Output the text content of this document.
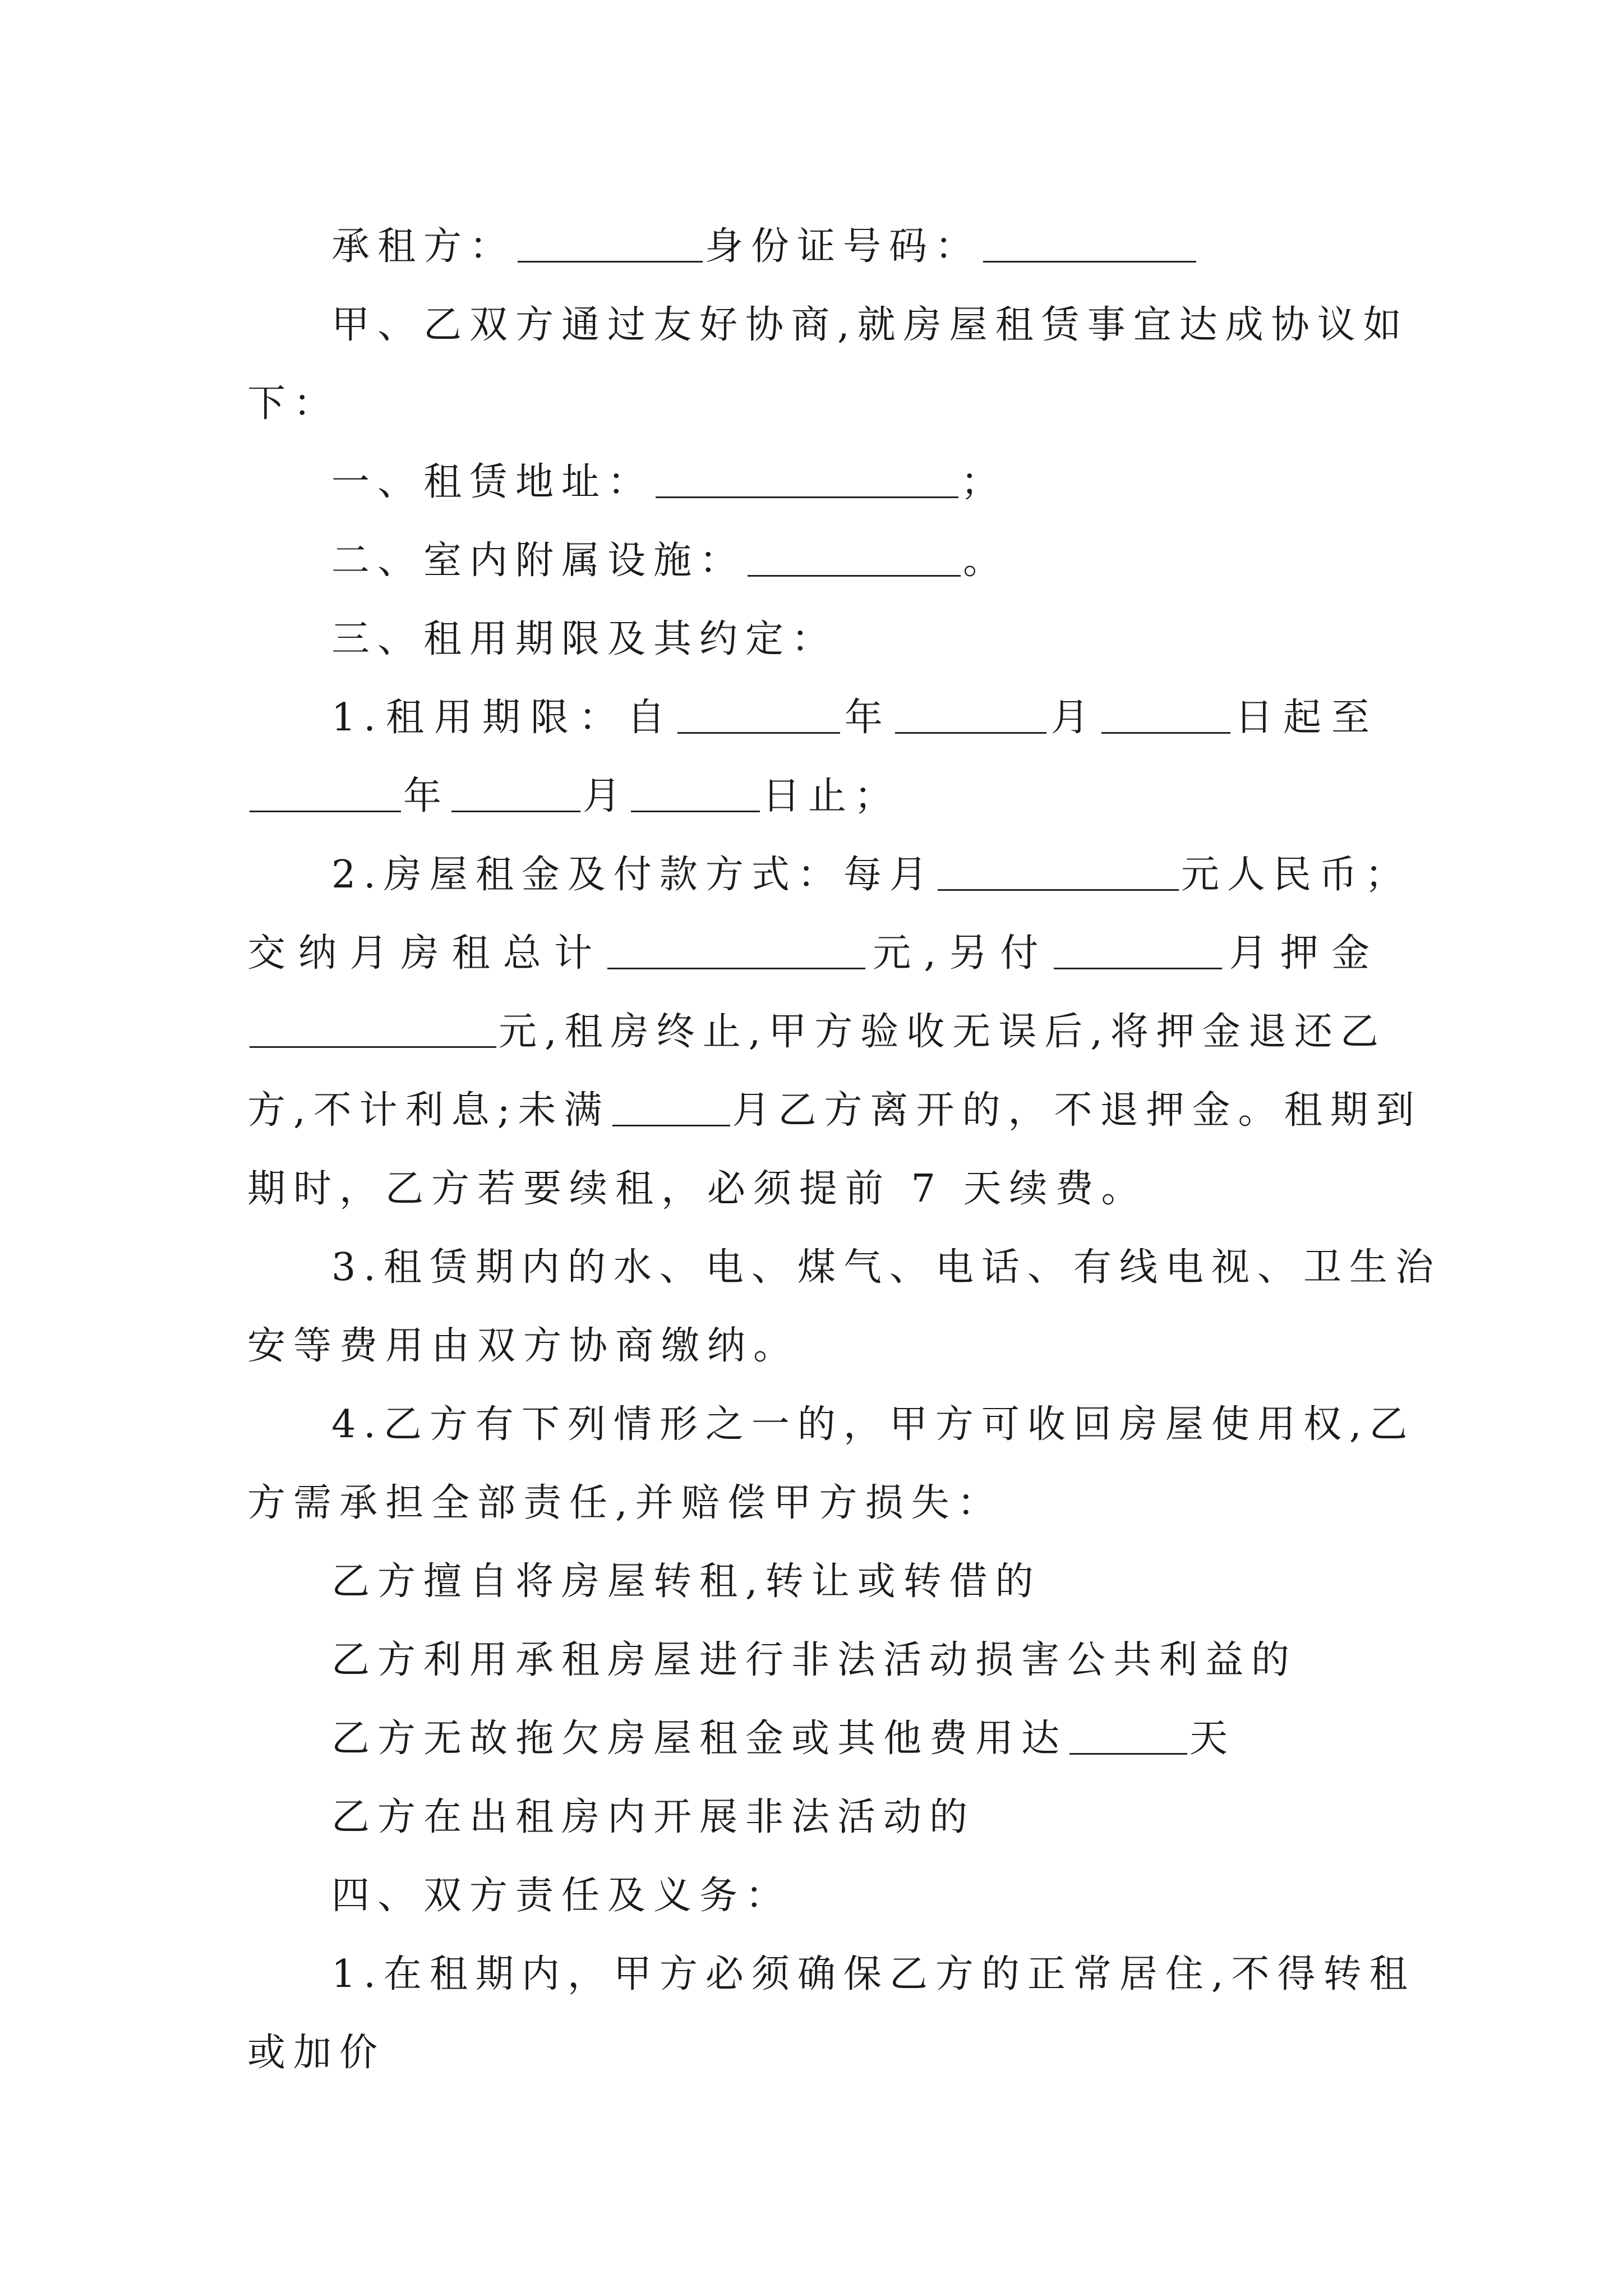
承租方：	身份证号码：

甲、乙双方通过友好协商,就房屋租赁事宜达成协议如

下：

一、租赁地址：	；

二、室内附属设施：	。

三、租用期限及其约定：

1.租用期限：自	年	月	日起至

年	月	日止；

2.房屋租金及付款方式：每月	元人民币；

交纳月房租总计	元,另付	月押金

元,租房终止,甲方验收无误后,将押金退还乙

方,不计利息;未满	月乙方离开的，不退押金。租期到

期时，乙方若要续租，必须提前 7 天续费。

3.租赁期内的水、电、煤气、电话、有线电视、卫生治

安等费用由双方协商缴纳。

4.乙方有下列情形之一的，甲方可收回房屋使用权,乙

方需承担全部责任,并赔偿甲方损失：

乙方擅自将房屋转租,转让或转借的

乙方利用承租房屋进行非法活动损害公共利益的

乙方无故拖欠房屋租金或其他费用达	天

乙方在出租房内开展非法活动的

四、双方责任及义务：

1.在租期内，甲方必须确保乙方的正常居住,不得转租

或加价
